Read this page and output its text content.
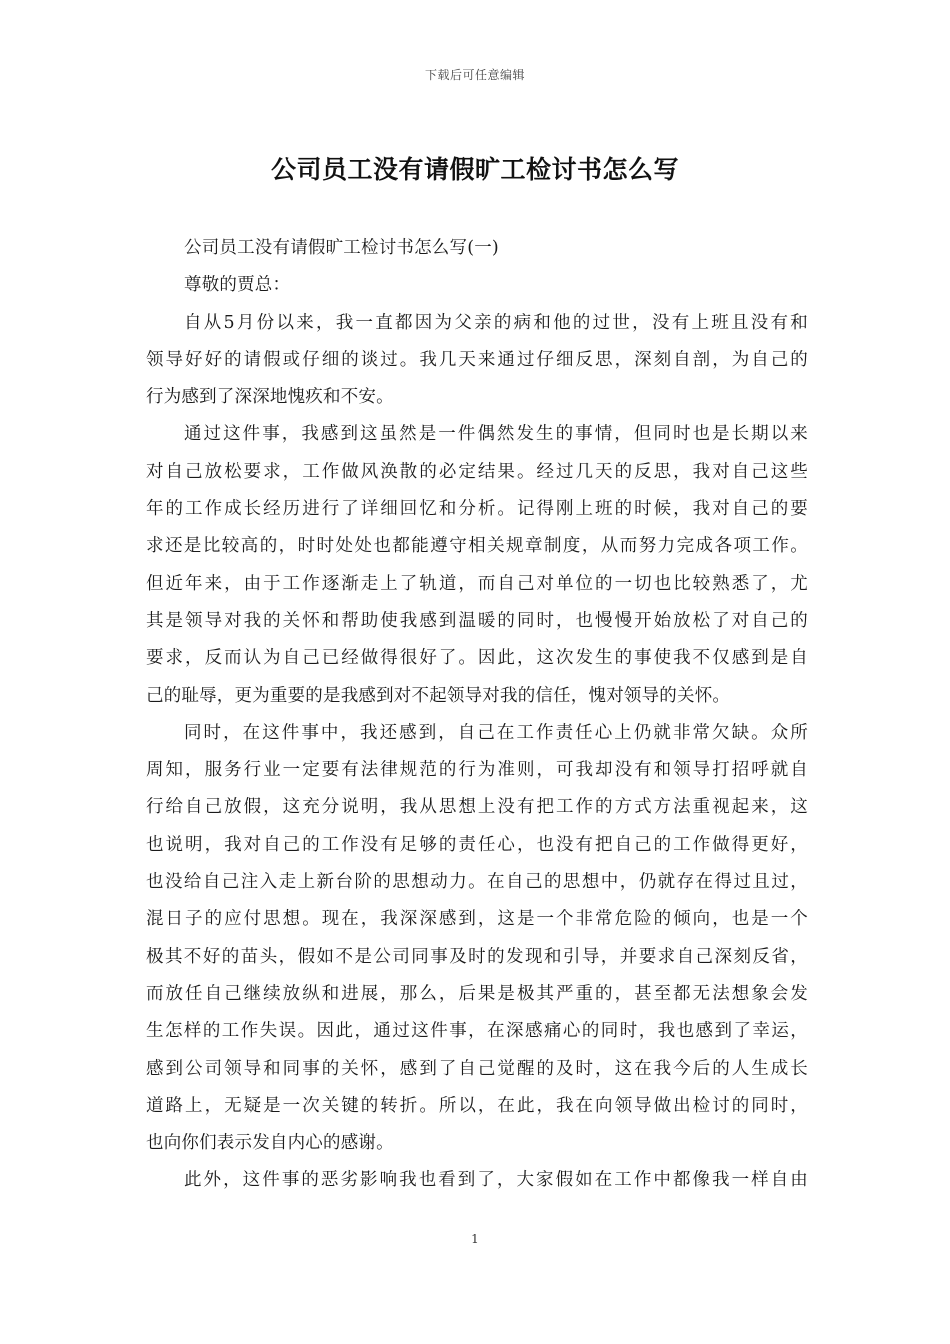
下载后可任意编辑
公司员工没有请假旷工检讨书怎么写
公司员工没有请假旷工检讨书怎么写(一)
尊敬的贾总：
自从5月份以来，我一直都因为父亲的病和他的过世，没有上班且没有和
领导好好的请假或仔细的谈过。我几天来通过仔细反思，深刻自剖，为自己的
行为感到了深深地愧疚和不安。
通过这件事，我感到这虽然是一件偶然发生的事情，但同时也是长期以来
对自己放松要求，工作做风涣散的必定结果。经过几天的反思，我对自己这些
年的工作成长经历进行了详细回忆和分析。记得刚上班的时候，我对自己的要
求还是比较高的，时时处处也都能遵守相关规章制度，从而努力完成各项工作。
但近年来，由于工作逐渐走上了轨道，而自己对单位的一切也比较熟悉了，尤
其是领导对我的关怀和帮助使我感到温暖的同时，也慢慢开始放松了对自己的
要求，反而认为自己已经做得很好了。因此，这次发生的事使我不仅感到是自
己的耻辱，更为重要的是我感到对不起领导对我的信任，愧对领导的关怀。
同时，在这件事中，我还感到，自己在工作责任心上仍就非常欠缺。众所
周知，服务行业一定要有法律规范的行为准则，可我却没有和领导打招呼就自
行给自己放假，这充分说明，我从思想上没有把工作的方式方法重视起来，这
也说明，我对自己的工作没有足够的责任心，也没有把自己的工作做得更好，
也没给自己注入走上新台阶的思想动力。在自己的思想中，仍就存在得过且过，
混日子的应付思想。现在，我深深感到，这是一个非常危险的倾向，也是一个
极其不好的苗头，假如不是公司同事及时的发现和引导，并要求自己深刻反省，
而放任自己继续放纵和进展，那么，后果是极其严重的，甚至都无法想象会发
生怎样的工作失误。因此，通过这件事，在深感痛心的同时，我也感到了幸运，
感到公司领导和同事的关怀，感到了自己觉醒的及时，这在我今后的人生成长
道路上，无疑是一次关键的转折。所以，在此，我在向领导做出检讨的同时，
也向你们表示发自内心的感谢。
此外，这件事的恶劣影响我也看到了，大家假如在工作中都像我一样自由
1
